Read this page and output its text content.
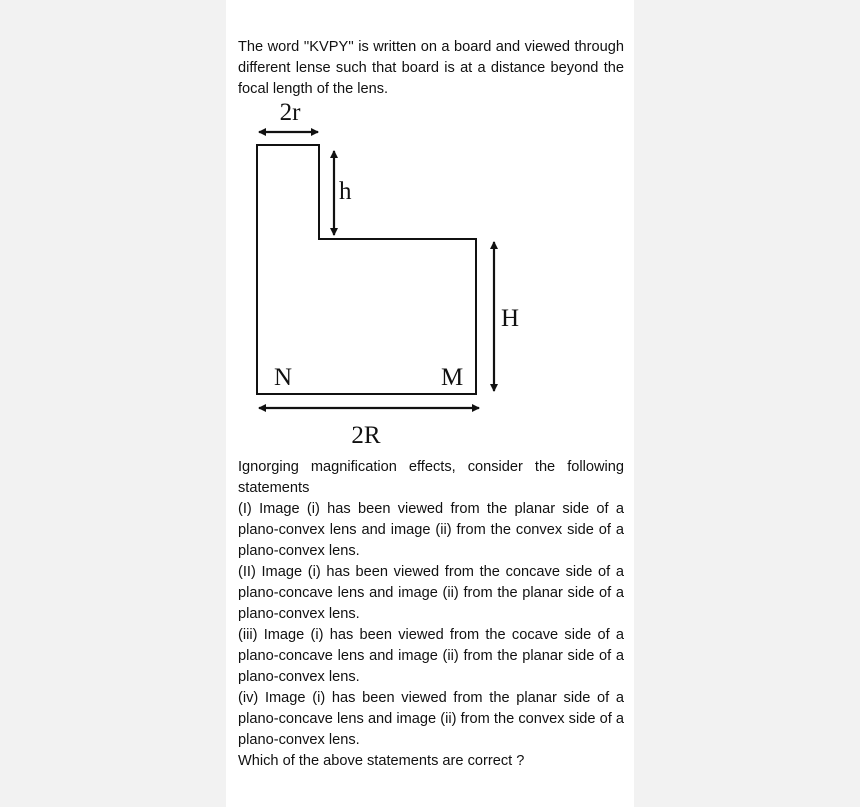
The word ''KVPY'' is written on a board and viewed through different lense such that board is at a distance beyond the focal length of the lens.

2r
h
H
N	M
2R

Ignorging magnification effects, consider the following statements

(I) Image (i) has been viewed from the planar side of a plano-convex lens and image (ii) from the convex side of a plano-convex lens.

(II) Image (i) has been viewed from the concave side of a plano-concave lens and image (ii) from the planar side of a plano-convex lens.

(iii) Image (i) has been viewed from the cocave side of a plano-concave lens and image (ii) from the planar side of a plano-convex lens.

(iv) Image (i) has been viewed from the planar side of a plano-concave lens and image (ii) from the convex side of a plano-convex lens.

Which of the above statements are correct ?
